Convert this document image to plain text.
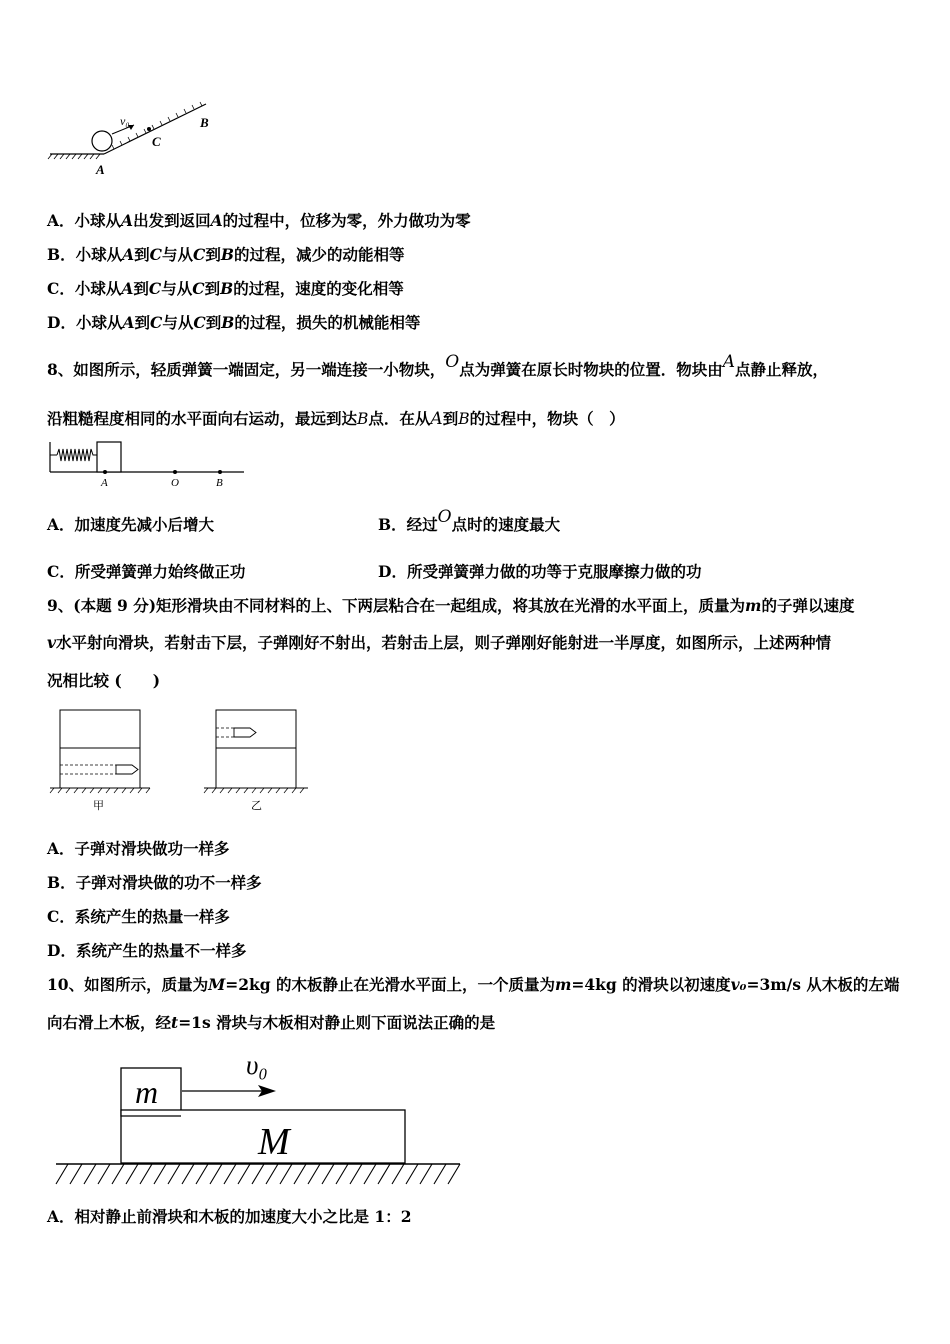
v₀
C
B
A
A．小球从A出发到返回A的过程中，位移为零，外力做功为零
B．小球从A到C与从C到B的过程，减少的动能相等
C．小球从A到C与从C到B的过程，速度的变化相等
D．小球从A到C与从C到B的过程，损失的机械能相等
8、如图所示，轻质弹簧一端固定，另一端连接一小物块，O点为弹簧在原长时物块的位置．物块由A点静止释放，
沿粗糙程度相同的水平面向右运动，最远到达B点．在从A到B的过程中，物块（　）
A	O	B
A．加速度先减小后增大	B．经过O点时的速度最大
C．所受弹簧弹力始终做正功	D．所受弹簧弹力做的功等于克服摩擦力做的功
9、(本题 9 分)矩形滑块由不同材料的上、下两层粘合在一起组成，将其放在光滑的水平面上，质量为m的子弹以速度
v水平射向滑块，若射击下层，子弹刚好不射出，若射击上层，则子弹刚好能射进一半厚度，如图所示，上述两种情
况相比较 (　　)
甲	乙
A．子弹对滑块做功一样多
B．子弹对滑块做的功不一样多
C．系统产生的热量一样多
D．系统产生的热量不一样多
10、如图所示，质量为M=2kg 的木板静止在光滑水平面上，一个质量为m=4kg 的滑块以初速度v₀=3m/s 从木板的左端
向右滑上木板，经t=1s 滑块与木板相对静止则下面说法正确的是
m
M
υ₀
A．相对静止前滑块和木板的加速度大小之比是 1：2
